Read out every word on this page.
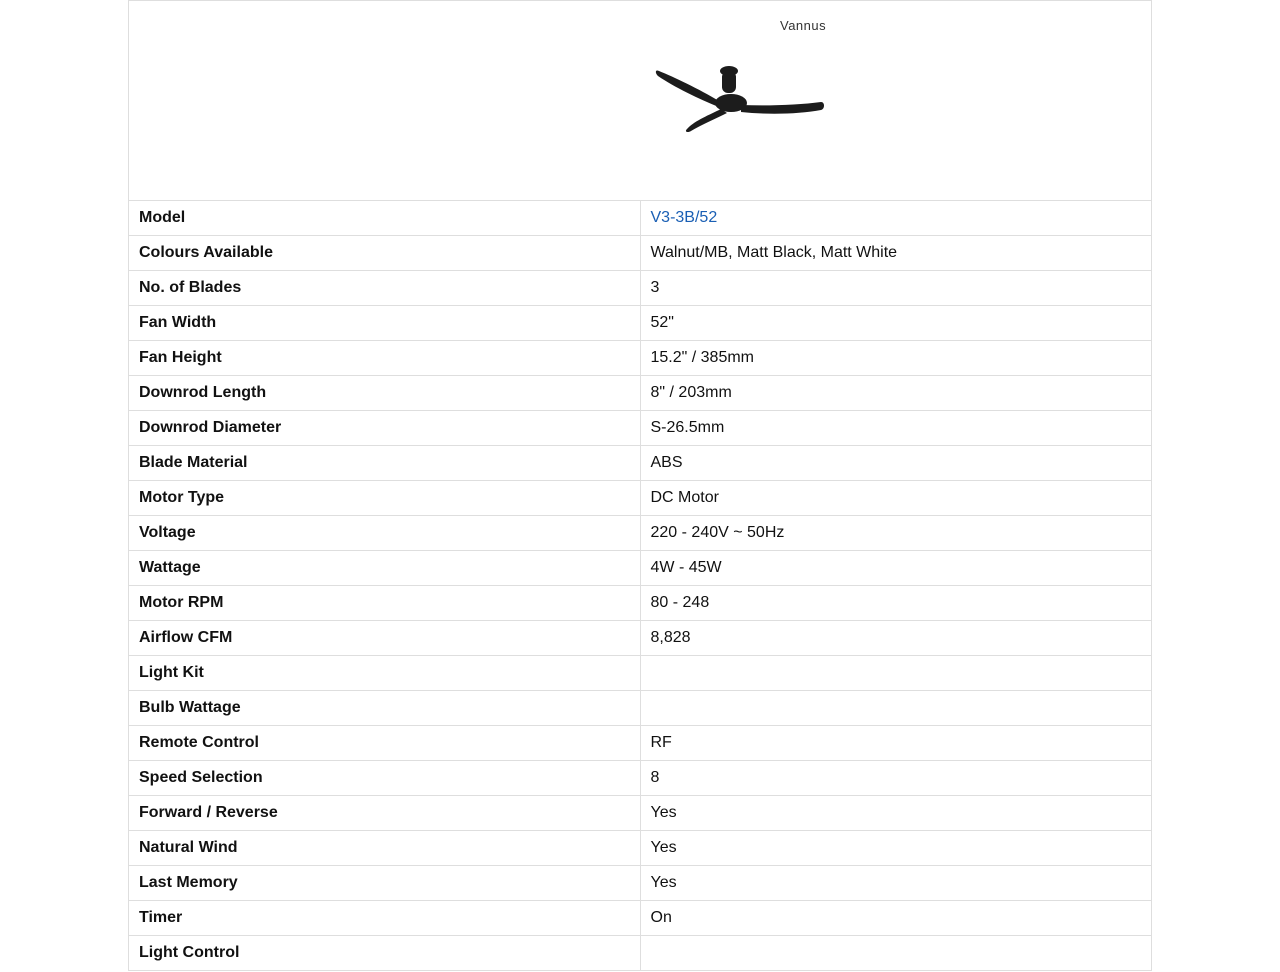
Vannus	

Model	V3-3B/52
Colours Available	Walnut/MB, Matt Black, Matt White
No. of Blades	3
Fan Width	52"
Fan Height	15.2" / 385mm
Downrod Length	8" / 203mm
Downrod Diameter	S-26.5mm
Blade Material	ABS
Motor Type	DC Motor
Voltage	220 - 240V ~ 50Hz
Wattage	4W - 45W
Motor RPM	80 - 248
Airflow CFM	8,828
Light Kit	
Bulb Wattage	
Remote Control	RF
Speed Selection	8
Forward / Reverse	Yes
Natural Wind	Yes
Last Memory	Yes
Timer	On
Light Control	
